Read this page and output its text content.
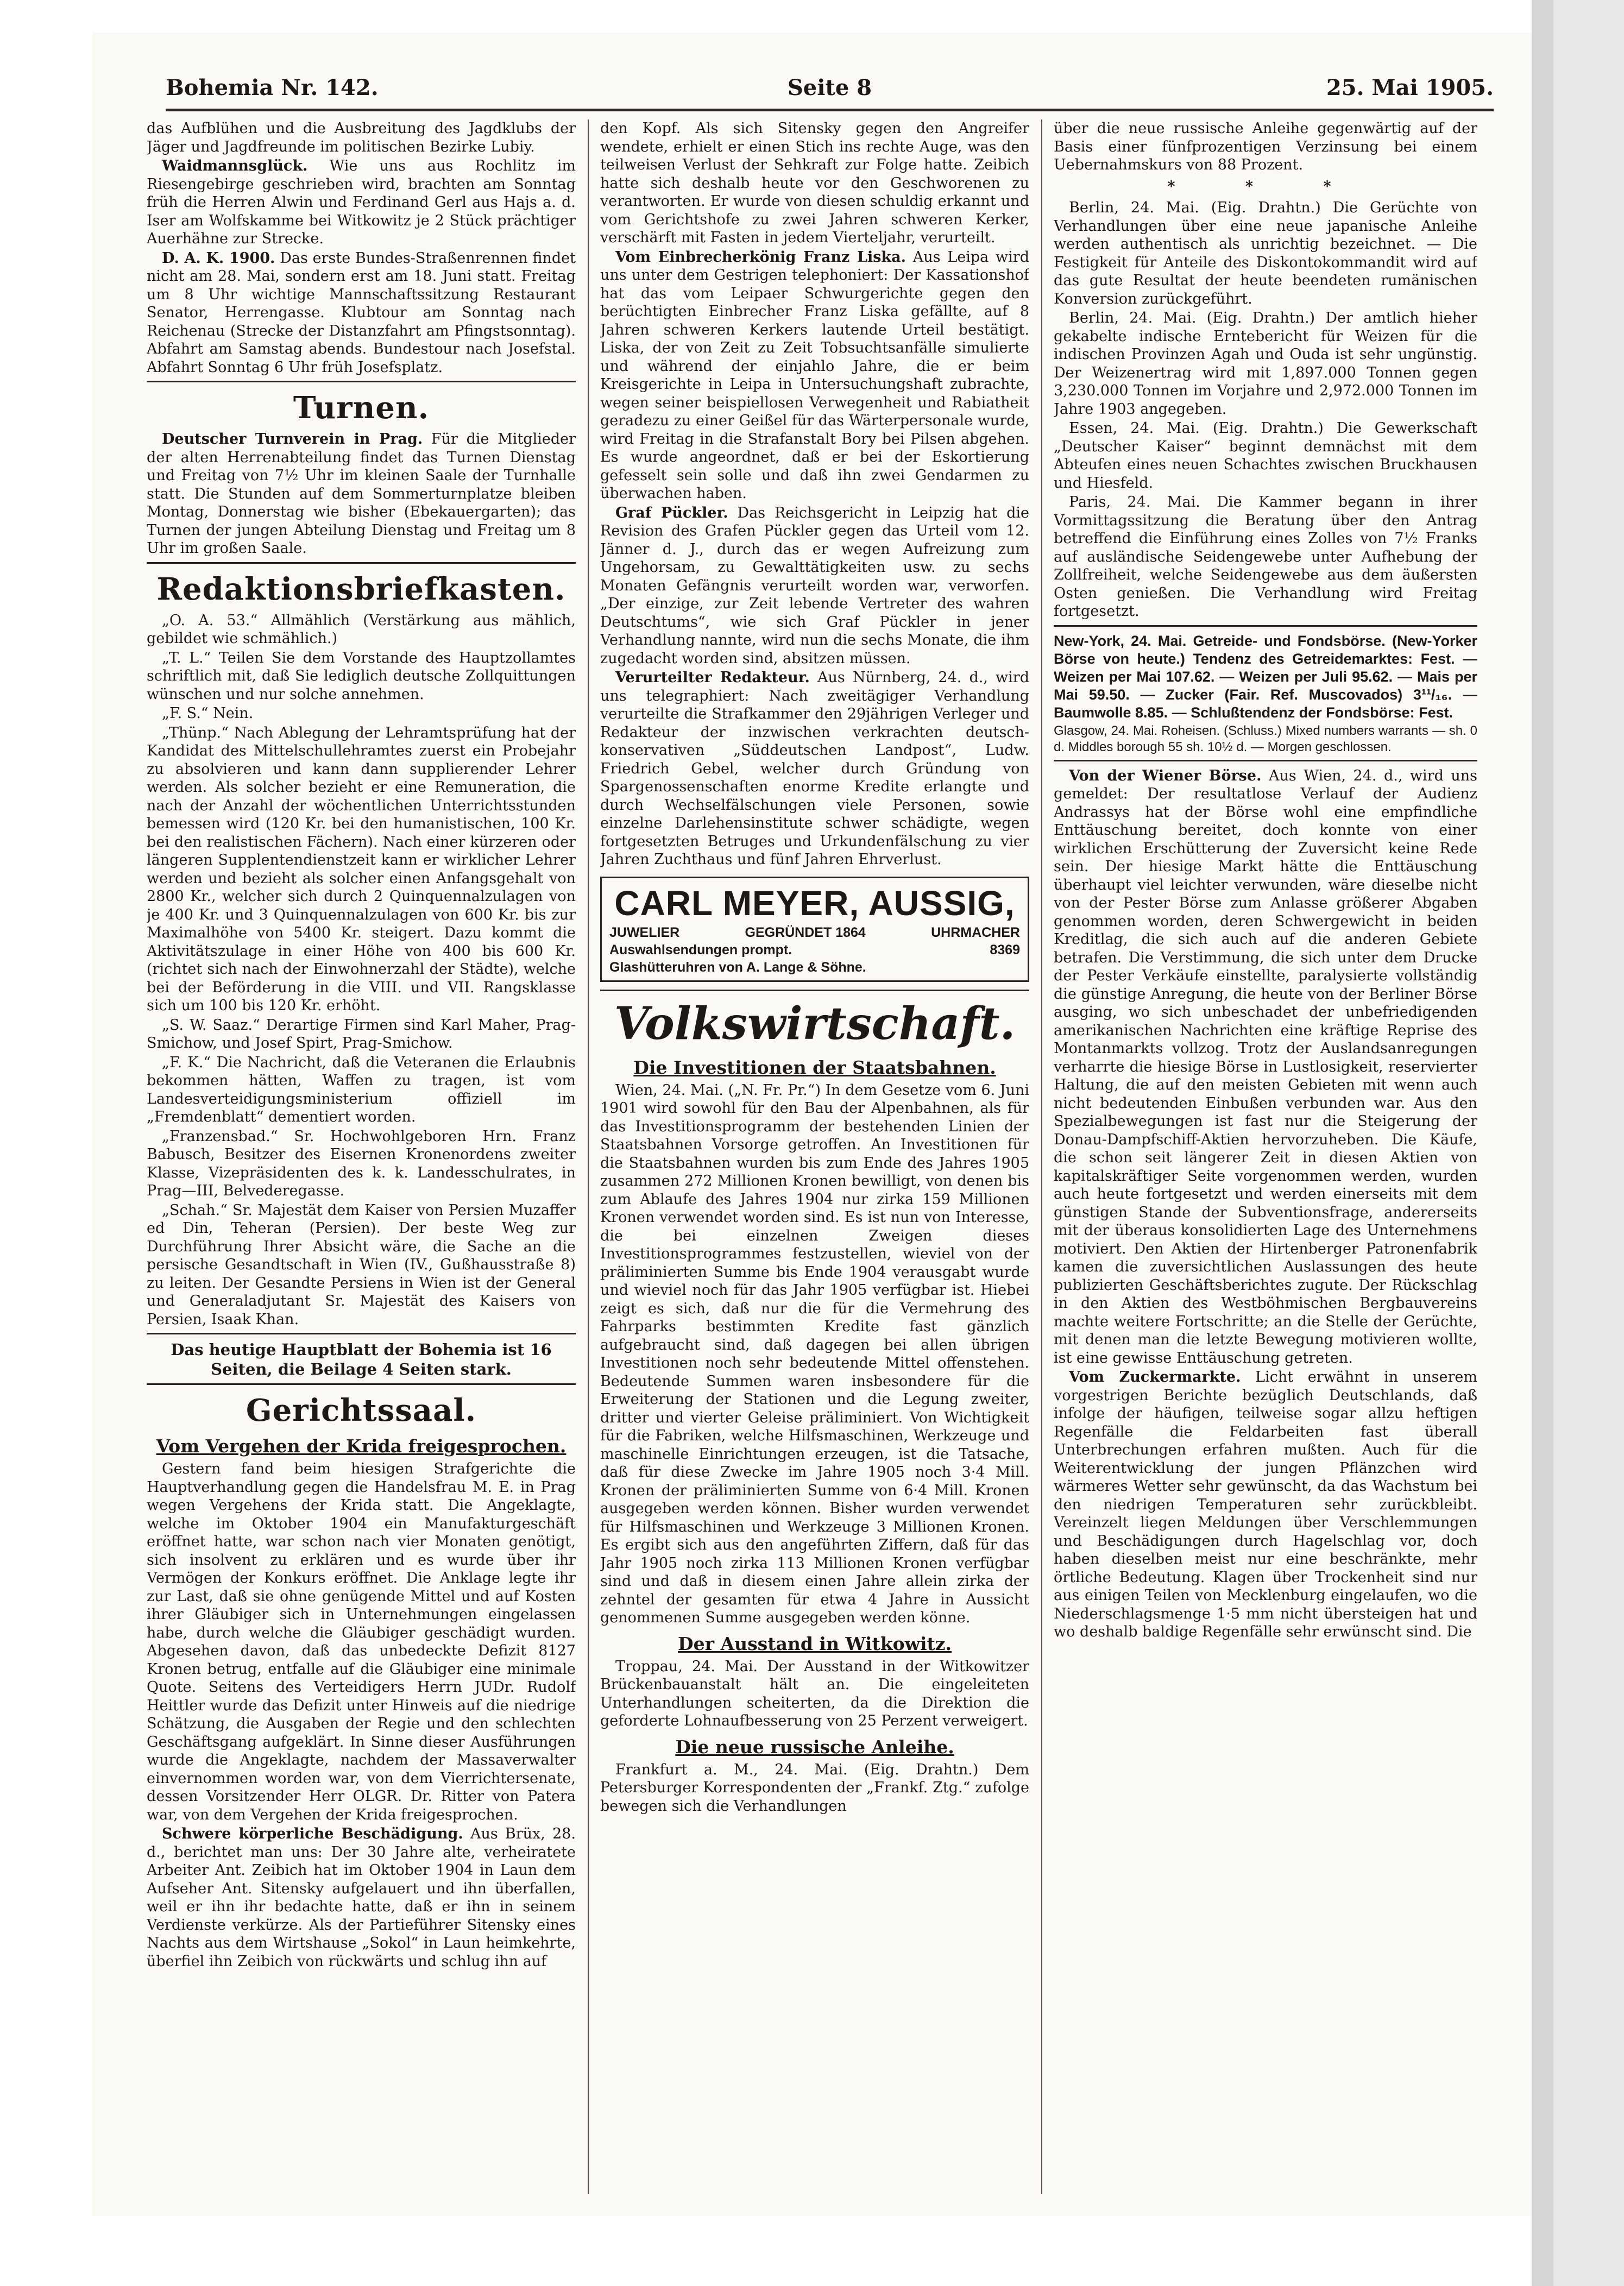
Bohemia Nr. 142.	Seite 8	25. Mai 1905.

das Aufblühen und die Ausbreitung des Jagdklubs der Jäger und Jagdfreunde im politischen Bezirke Lubiy.

Waidmannsglück. Wie uns aus Rochlitz im Riesengebirge geschrieben wird, brachten am Sonntag früh die Herren Alwin und Ferdinand Gerl aus Hajs a. d. Iser am Wolfskamme bei Witkowitz je 2 Stück prächtiger Auerhähne zur Strecke.

D. A. K. 1900. Das erste Bundes-Straßenrennen findet nicht am 28. Mai, sondern erst am 18. Juni statt. Freitag um 8 Uhr wichtige Mannschaftssitzung Restaurant Senator, Herrengasse. Klubtour am Sonntag nach Reichenau (Strecke der Distanzfahrt am Pfingstsonntag). Abfahrt am Samstag abends. Bundestour nach Josefstal. Abfahrt Sonntag 6 Uhr früh Josefsplatz.

Turnen.

Deutscher Turnverein in Prag. Für die Mitglieder der alten Herrenabteilung findet das Turnen Dienstag und Freitag von 7½ Uhr im kleinen Saale der Turnhalle statt. Die Stunden auf dem Sommerturnplatze bleiben Montag, Donnerstag wie bisher (Ebekauergarten); das Turnen der jungen Abteilung Dienstag und Freitag um 8 Uhr im großen Saale.

Redaktionsbriefkasten.

„O. A. 53.“ Allmählich (Verstärkung aus mählich, gebildet wie schmählich.)

„T. L.“ Teilen Sie dem Vorstande des Hauptzollamtes schriftlich mit, daß Sie lediglich deutsche Zollquittungen wünschen und nur solche annehmen.

„F. S.“ Nein.

„Thünp.“ Nach Ablegung der Lehramtsprüfung hat der Kandidat des Mittelschullehramtes zuerst ein Probejahr zu absolvieren und kann dann supplierender Lehrer werden. Als solcher bezieht er eine Remuneration, die nach der Anzahl der wöchentlichen Unterrichtsstunden bemessen wird (120 Kr. bei den humanistischen, 100 Kr. bei den realistischen Fächern). Nach einer kürzeren oder längeren Supplentendienstzeit kann er wirklicher Lehrer werden und bezieht als solcher einen Anfangsgehalt von 2800 Kr., welcher sich durch 2 Quinquennalzulagen von je 400 Kr. und 3 Quinquennalzulagen von 600 Kr. bis zur Maximalhöhe von 5400 Kr. steigert. Dazu kommt die Aktivitätszulage in einer Höhe von 400 bis 600 Kr. (richtet sich nach der Einwohnerzahl der Städte), welche bei der Beförderung in die VIII. und VII. Rangsklasse sich um 100 bis 120 Kr. erhöht.

„S. W. Saaz.“ Derartige Firmen sind Karl Maher, Prag-Smichow, und Josef Spirt, Prag-Smichow.

„F. K.“ Die Nachricht, daß die Veteranen die Erlaubnis bekommen hätten, Waffen zu tragen, ist vom Landesverteidigungsministerium offiziell im „Fremdenblatt“ dementiert worden.

„Franzensbad.“ Sr. Hochwohlgeboren Hrn. Franz Babusch, Besitzer des Eisernen Kronenordens zweiter Klasse, Vizepräsidenten des k. k. Landesschulrates, in Prag—III, Belvederegasse.

„Schah.“ Sr. Majestät dem Kaiser von Persien Muzaffer ed Din, Teheran (Persien). Der beste Weg zur Durchführung Ihrer Absicht wäre, die Sache an die persische Gesandtschaft in Wien (IV., Gußhausstraße 8) zu leiten. Der Gesandte Persiens in Wien ist der General und Generaladjutant Sr. Majestät des Kaisers von Persien, Isaak Khan.

Das heutige Hauptblatt der Bohemia ist 16 Seiten, die Beilage 4 Seiten stark.
Gerichtssaal.
Vom Vergehen der Krida freigesprochen.

Gestern fand beim hiesigen Strafgerichte die Hauptverhandlung gegen die Handelsfrau M. E. in Prag wegen Vergehens der Krida statt. Die Angeklagte, welche im Oktober 1904 ein Manufakturgeschäft eröffnet hatte, war schon nach vier Monaten genötigt, sich insolvent zu erklären und es wurde über ihr Vermögen der Konkurs eröffnet. Die Anklage legte ihr zur Last, daß sie ohne genügende Mittel und auf Kosten ihrer Gläubiger sich in Unternehmungen eingelassen habe, durch welche die Gläubiger geschädigt wurden. Abgesehen davon, daß das unbedeckte Defizit 8127 Kronen betrug, entfalle auf die Gläubiger eine minimale Quote. Seitens des Verteidigers Herrn JUDr. Rudolf Heittler wurde das Defizit unter Hinweis auf die niedrige Schätzung, die Ausgaben der Regie und den schlechten Geschäftsgang aufgeklärt. In Sinne dieser Ausführungen wurde die Angeklagte, nachdem der Massaverwalter einvernommen worden war, von dem Vierrichtersenate, dessen Vorsitzender Herr OLGR. Dr. Ritter von Patera war, von dem Vergehen der Krida freigesprochen.

Schwere körperliche Beschädigung. Aus Brüx, 28. d., berichtet man uns: Der 30 Jahre alte, verheiratete Arbeiter Ant. Zeibich hat im Oktober 1904 in Laun dem Aufseher Ant. Sitensky aufgelauert und ihn überfallen, weil er ihn ihr bedachte hatte, daß er ihn in seinem Verdienste verkürze. Als der Partieführer Sitensky eines Nachts aus dem Wirtshause „Sokol“ in Laun heimkehrte, überfiel ihn Zeibich von rückwärts und schlug ihn auf

den Kopf. Als sich Sitensky gegen den Angreifer wendete, erhielt er einen Stich ins rechte Auge, was den teilweisen Verlust der Sehkraft zur Folge hatte. Zeibich hatte sich deshalb heute vor den Geschworenen zu verantworten. Er wurde von diesen schuldig erkannt und vom Gerichtshofe zu zwei Jahren schweren Kerker, verschärft mit Fasten in jedem Vierteljahr, verurteilt.

Vom Einbrecherkönig Franz Liska. Aus Leipa wird uns unter dem Gestrigen telephoniert: Der Kassationshof hat das vom Leipaer Schwurgerichte gegen den berüchtigten Einbrecher Franz Liska gefällte, auf 8 Jahren schweren Kerkers lautende Urteil bestätigt. Liska, der von Zeit zu Zeit Tobsuchtsanfälle simulierte und während der einjahlo Jahre, die er beim Kreisgerichte in Leipa in Untersuchungshaft zubrachte, wegen seiner beispiellosen Verwegenheit und Rabiatheit geradezu zu einer Geißel für das Wärterpersonale wurde, wird Freitag in die Strafanstalt Bory bei Pilsen abgehen. Es wurde angeordnet, daß er bei der Eskortierung gefesselt sein solle und daß ihn zwei Gendarmen zu überwachen haben.

Graf Pückler. Das Reichsgericht in Leipzig hat die Revision des Grafen Pückler gegen das Urteil vom 12. Jänner d. J., durch das er wegen Aufreizung zum Ungehorsam, zu Gewalttätigkeiten usw. zu sechs Monaten Gefängnis verurteilt worden war, verworfen. „Der einzige, zur Zeit lebende Vertreter des wahren Deutschtums“, wie sich Graf Pückler in jener Verhandlung nannte, wird nun die sechs Monate, die ihm zugedacht worden sind, absitzen müssen.

Verurteilter Redakteur. Aus Nürnberg, 24. d., wird uns telegraphiert: Nach zweitägiger Verhandlung verurteilte die Strafkammer den 29jährigen Verleger und Redakteur der inzwischen verkrachten deutsch-konservativen „Süddeutschen Landpost“, Ludw. Friedrich Gebel, welcher durch Gründung von Spargenossenschaften enorme Kredite erlangte und durch Wechselfälschungen viele Personen, sowie einzelne Darlehensinstitute schwer schädigte, wegen fortgesetzten Betruges und Urkundenfälschung zu vier Jahren Zuchthaus und fünf Jahren Ehrverlust.

CARL MEYER, AUSSIG,
JUWELIER	GEGRÜNDET 1864	UHRMACHER
Auswahlsendungen prompt.	8369
Glashütteruhren von A. Lange & Söhne.
Volkswirtschaft.
Die Investitionen der Staatsbahnen.

Wien, 24. Mai. („N. Fr. Pr.“) In dem Gesetze vom 6. Juni 1901 wird sowohl für den Bau der Alpenbahnen, als für das Investitionsprogramm der bestehenden Linien der Staatsbahnen Vorsorge getroffen. An Investitionen für die Staatsbahnen wurden bis zum Ende des Jahres 1905 zusammen 272 Millionen Kronen bewilligt, von denen bis zum Ablaufe des Jahres 1904 nur zirka 159 Millionen Kronen verwendet worden sind. Es ist nun von Interesse, die bei einzelnen Zweigen dieses Investitionsprogrammes festzustellen, wieviel von der präliminierten Summe bis Ende 1904 verausgabt wurde und wieviel noch für das Jahr 1905 verfügbar ist. Hiebei zeigt es sich, daß nur die für die Vermehrung des Fahrparks bestimmten Kredite fast gänzlich aufgebraucht sind, daß dagegen bei allen übrigen Investitionen noch sehr bedeutende Mittel offenstehen. Bedeutende Summen waren insbesondere für die Erweiterung der Stationen und die Legung zweiter, dritter und vierter Geleise präliminiert. Von Wichtigkeit für die Fabriken, welche Hilfsmaschinen, Werkzeuge und maschinelle Einrichtungen erzeugen, ist die Tatsache, daß für diese Zwecke im Jahre 1905 noch 3·4 Mill. Kronen der präliminierten Summe von 6·4 Mill. Kronen ausgegeben werden können. Bisher wurden verwendet für Hilfsmaschinen und Werkzeuge 3 Millionen Kronen. Es ergibt sich aus den angeführten Ziffern, daß für das Jahr 1905 noch zirka 113 Millionen Kronen verfügbar sind und daß in diesem einen Jahre allein zirka der zehntel der gesamten für etwa 4 Jahre in Aussicht genommenen Summe ausgegeben werden könne.

Der Ausstand in Witkowitz.

Troppau, 24. Mai. Der Ausstand in der Witkowitzer Brückenbauanstalt hält an. Die eingeleiteten Unterhandlungen scheiterten, da die Direktion die geforderte Lohnaufbesserung von 25 Perzent verweigert.

Die neue russische Anleihe.

Frankfurt a. M., 24. Mai. (Eig. Drahtn.) Dem Petersburger Korrespondenten der „Frankf. Ztg.“ zufolge bewegen sich die Verhandlungen

über die neue russische Anleihe gegenwärtig auf der Basis einer fünfprozentigen Verzinsung bei einem Uebernahmskurs von 88 Prozent.

* * *

Berlin, 24. Mai. (Eig. Drahtn.) Die Gerüchte von Verhandlungen über eine neue japanische Anleihe werden authentisch als unrichtig bezeichnet. — Die Festigkeit für Anteile des Diskontokommandit wird auf das gute Resultat der heute beendeten rumänischen Konversion zurückgeführt.

Berlin, 24. Mai. (Eig. Drahtn.) Der amtlich hieher gekabelte indische Erntebericht für Weizen für die indischen Provinzen Agah und Ouda ist sehr ungünstig. Der Weizenertrag wird mit 1,897.000 Tonnen gegen 3,230.000 Tonnen im Vorjahre und 2,972.000 Tonnen im Jahre 1903 angegeben.

Essen, 24. Mai. (Eig. Drahtn.) Die Gewerkschaft „Deutscher Kaiser“ beginnt demnächst mit dem Abteufen eines neuen Schachtes zwischen Bruckhausen und Hiesfeld.

Paris, 24. Mai. Die Kammer begann in ihrer Vormittagssitzung die Beratung über den Antrag betreffend die Einführung eines Zolles von 7½ Franks auf ausländische Seidengewebe unter Aufhebung der Zollfreiheit, welche Seidengewebe aus dem äußersten Osten genießen. Die Verhandlung wird Freitag fortgesetzt.

New-York, 24. Mai. Getreide- und Fondsbörse. (New-Yorker Börse von heute.) Tendenz des Getreidemarktes: Fest. — Weizen per Mai 107.62. — Weizen per Juli 95.62. — Mais per Mai 59.50. — Zucker (Fair. Ref. Muscovados) 3¹¹/₁₆. — Baumwolle 8.85. — Schlußtendenz der Fondsbörse: Fest.

Glasgow, 24. Mai. Roheisen. (Schluss.) Mixed numbers warrants — sh. 0 d. Middles borough 55 sh. 10½ d. — Morgen geschlossen.

Von der Wiener Börse. Aus Wien, 24. d., wird uns gemeldet: Der resultatlose Verlauf der Audienz Andrassys hat der Börse wohl eine empfindliche Enttäuschung bereitet, doch konnte von einer wirklichen Erschütterung der Zuversicht keine Rede sein. Der hiesige Markt hätte die Enttäuschung überhaupt viel leichter verwunden, wäre dieselbe nicht von der Pester Börse zum Anlasse größerer Abgaben genommen worden, deren Schwergewicht in beiden Kreditlag, die sich auch auf die anderen Gebiete betrafen. Die Verstimmung, die sich unter dem Drucke der Pester Verkäufe einstellte, paralysierte vollständig die günstige Anregung, die heute von der Berliner Börse ausging, wo sich unbeschadet der unbefriedigenden amerikanischen Nachrichten eine kräftige Reprise des Montanmarkts vollzog. Trotz der Auslandsanregungen verharrte die hiesige Börse in Lustlosigkeit, reservierter Haltung, die auf den meisten Gebieten mit wenn auch nicht bedeutenden Einbußen verbunden war. Aus den Spezialbewegungen ist fast nur die Steigerung der Donau-Dampfschiff-Aktien hervorzuheben. Die Käufe, die schon seit längerer Zeit in diesen Aktien von kapitalskräftiger Seite vorgenommen werden, wurden auch heute fortgesetzt und werden einerseits mit dem günstigen Stande der Subventionsfrage, andererseits mit der überaus konsolidierten Lage des Unternehmens motiviert. Den Aktien der Hirtenberger Patronenfabrik kamen die zuversichtlichen Auslassungen des heute publizierten Geschäftsberichtes zugute. Der Rückschlag in den Aktien des Westböhmischen Bergbauvereins machte weitere Fortschritte; an die Stelle der Gerüchte, mit denen man die letzte Bewegung motivieren wollte, ist eine gewisse Enttäuschung getreten.

Vom Zuckermarkte. Licht erwähnt in unserem vorgestrigen Berichte bezüglich Deutschlands, daß infolge der häufigen, teilweise sogar allzu heftigen Regenfälle die Feldarbeiten fast überall Unterbrechungen erfahren mußten. Auch für die Weiterentwicklung der jungen Pflänzchen wird wärmeres Wetter sehr gewünscht, da das Wachstum bei den niedrigen Temperaturen sehr zurückbleibt. Vereinzelt liegen Meldungen über Verschlemmungen und Beschädigungen durch Hagelschlag vor, doch haben dieselben meist nur eine beschränkte, mehr örtliche Bedeutung. Klagen über Trockenheit sind nur aus einigen Teilen von Mecklenburg eingelaufen, wo die Niederschlagsmenge 1·5 mm nicht übersteigen hat und wo deshalb baldige Regenfälle sehr erwünscht sind. Die
